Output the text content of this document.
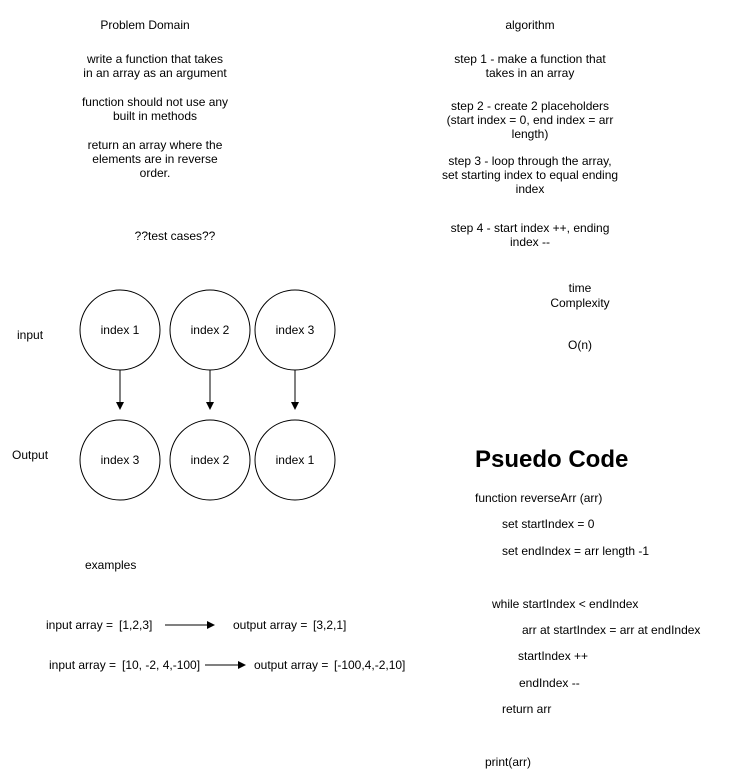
Problem Domain
write a function that takes
in an array as an argument
function should not use any
built in methods
return an array where the
elements are in reverse
order.
??test cases??
algorithm
step 1 - make a function that
takes in an array
step 2 - create 2 placeholders
(start index = 0, end index = arr
length)
step 3 - loop through the array,
set starting index to equal ending
index
step 4 - start index ++, ending
index --
time
Complexity
O(n)
input
Output
index 1	index 2	index 3
index 3	index 2	index 1
examples
input array = [1,2,3]	output array = [3,2,1]
input array = [10, -2, 4,-100]	output array = [-100,4,-2,10]
Psuedo Code
function reverseArr (arr)
set startIndex = 0
set endIndex = arr length -1
while startIndex < endIndex
arr at startIndex = arr at endIndex
startIndex ++
endIndex --
return arr
print(arr)
